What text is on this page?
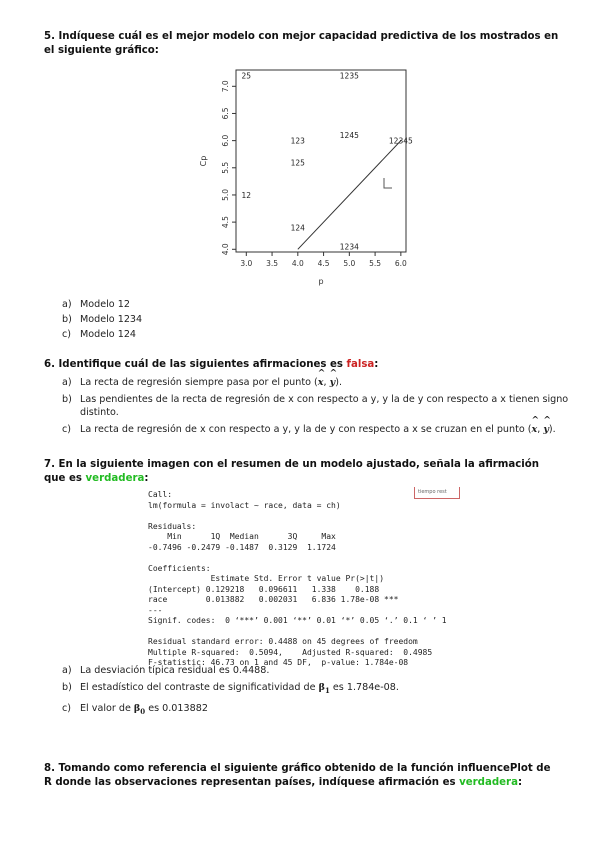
5. Indíquese cuál es el mejor modelo con mejor capacidad predictiva de los mostrados en el siguiente gráfico:
3.0 3.5 4.0 4.5 5.0 5.5 6.0
4.0
4.5
5.0
5.5
6.0
6.5
7.0
p
Cp
25	1235
12
123
125
1245
12345
124
1234
a) Modelo 12
b) Modelo 1234
c) Modelo 124
6. Identifique cuál de las siguientes afirmaciones es falsa:
a) La recta de regresión siempre pasa por el punto (^ x, ^ y).
b) Las pendientes de la recta de regresión de x con respecto a y, y la de y con respecto a x tienen signo distinto.
c) La recta de regresión de x con respecto a y, y la de y con respecto a x se cruzan en el punto (^ x, ^ y).
7. En la siguiente imagen con el resumen de un modelo ajustado, señala la afirmación que es verdadera:
tiempo rest
Call:
lm(formula = involact ~ race, data = ch)

Residuals:
Min      1Q  Median      3Q     Max
-0.7496 -0.2479 -0.1487  0.3129  1.1724

Coefficients:
Estimate Std. Error t value Pr(>|t|)
(Intercept) 0.129218   0.096611   1.338    0.188
race        0.013882   0.002031   6.836 1.78e-08 ***
---
Signif. codes:  0 ‘***’ 0.001 ‘**’ 0.01 ‘*’ 0.05 ‘.’ 0.1 ‘ ’ 1

Residual standard error: 0.4488 on 45 degrees of freedom
Multiple R-squared:  0.5094,    Adjusted R-squared:  0.4985
F-statistic: 46.73 on 1 and 45 DF,  p-value: 1.784e-08
a) La desviación típica residual es 0.4488.
b) El estadístico del contraste de significatividad de $\beta_1$ es 1.784e-08.
c) El valor de $\beta_0$ es 0.013882
8. Tomando como referencia el siguiente gráfico obtenido de la función influencePlot de R donde las observaciones representan países, indíquese afirmación es verdadera:
